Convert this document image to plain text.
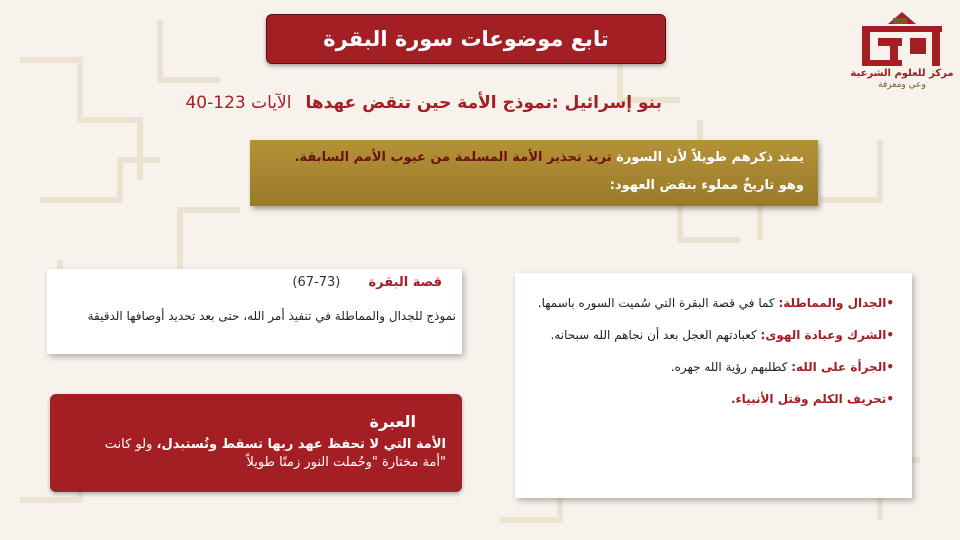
تابع موضوعات سورة البقرة
مركز للعلوم الشرعية
وعي ومعرفة
بنو إسرائيل :نموذج الأمة حين تنقض عهدهاالآيات 123-40
يمتد ذكرهم طويلاً لأن السورة تريد تحذير الأمة المسلمة من عيوب الأمم السابقة.
وهو تاريخٌ مملوء بنقض العهود:
قصة البقرة (73-67)
نموذج للجدال والمماطلة في تنفيذ أمر الله، حتى بعد تحديد أوصافها الدقيقة
العبرة
الأمة التي لا تحفظ عهد ربها تسقط وتُستبدل، ولو كانت "أمة مختارة "وحُملت النور زمنًا طويلاً
•الجدال والمماطلة: كما في قصة البقرة التي سُميت السوره باسمها.
•الشرك وعبادة الهوى: كعبادتهم العجل بعد أن نجاهم الله سبحانه.
•الجرأة على الله: كطلبهم رؤية الله جهره.
•تحريف الكلم وقتل الأنبياء.
